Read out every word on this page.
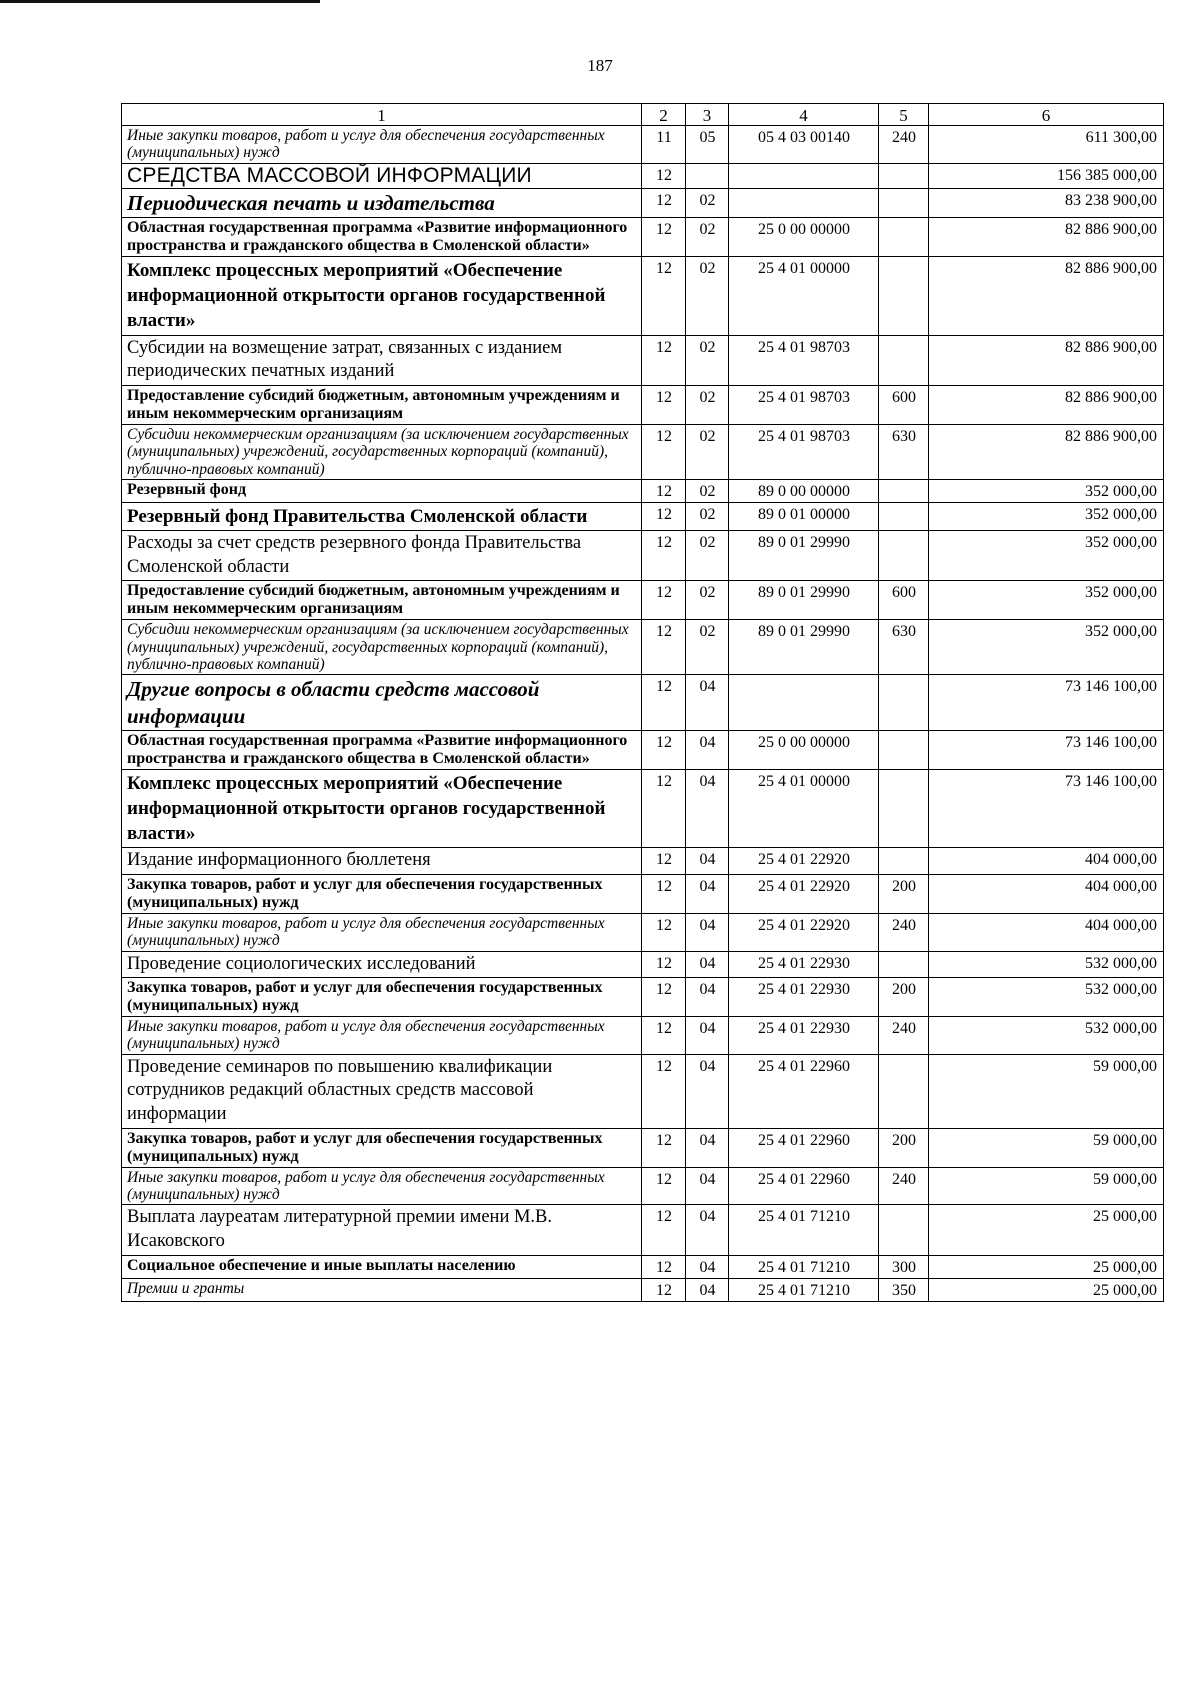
187
1	2	3	4	5	6
Иные закупки товаров, работ и услуг для обеспечения государственных (муниципальных) нужд	11	05	05 4 03 00140	240	611 300,00
СРЕДСТВА МАССОВОЙ ИНФОРМАЦИИ	12				156 385 000,00
Периодическая печать и издательства	12	02			83 238 900,00
Областная государственная программа «Развитие информационного пространства и гражданского общества в Смоленской области»	12	02	25 0 00 00000		82 886 900,00
Комплекс процессных мероприятий «Обеспечение информационной открытости органов государственной власти»	12	02	25 4 01 00000		82 886 900,00
Субсидии на возмещение затрат, связанных с изданием периодических печатных изданий	12	02	25 4 01 98703		82 886 900,00
Предоставление субсидий бюджетным, автономным учреждениям и иным некоммерческим организациям	12	02	25 4 01 98703	600	82 886 900,00
Субсидии некоммерческим организациям (за исключением государственных (муниципальных) учреждений, государственных корпораций (компаний), публично-правовых компаний)	12	02	25 4 01 98703	630	82 886 900,00
Резервный фонд	12	02	89 0 00 00000		352 000,00
Резервный фонд Правительства Смоленской области	12	02	89 0 01 00000		352 000,00
Расходы за счет средств резервного фонда Правительства Смоленской области	12	02	89 0 01 29990		352 000,00
Предоставление субсидий бюджетным, автономным учреждениям и иным некоммерческим организациям	12	02	89 0 01 29990	600	352 000,00
Субсидии некоммерческим организациям (за исключением государственных (муниципальных) учреждений, государственных корпораций (компаний), публично-правовых компаний)	12	02	89 0 01 29990	630	352 000,00
Другие вопросы в области средств массовой информации	12	04			73 146 100,00
Областная государственная программа «Развитие информационного пространства и гражданского общества в Смоленской области»	12	04	25 0 00 00000		73 146 100,00
Комплекс процессных мероприятий «Обеспечение информационной открытости органов государственной власти»	12	04	25 4 01 00000		73 146 100,00
Издание информационного бюллетеня	12	04	25 4 01 22920		404 000,00
Закупка товаров, работ и услуг для обеспечения государственных (муниципальных) нужд	12	04	25 4 01 22920	200	404 000,00
Иные закупки товаров, работ и услуг для обеспечения государственных (муниципальных) нужд	12	04	25 4 01 22920	240	404 000,00
Проведение социологических исследований	12	04	25 4 01 22930		532 000,00
Закупка товаров, работ и услуг для обеспечения государственных (муниципальных) нужд	12	04	25 4 01 22930	200	532 000,00
Иные закупки товаров, работ и услуг для обеспечения государственных (муниципальных) нужд	12	04	25 4 01 22930	240	532 000,00
Проведение семинаров по повышению квалификации сотрудников редакций областных средств массовой информации	12	04	25 4 01 22960		59 000,00
Закупка товаров, работ и услуг для обеспечения государственных (муниципальных) нужд	12	04	25 4 01 22960	200	59 000,00
Иные закупки товаров, работ и услуг для обеспечения государственных (муниципальных) нужд	12	04	25 4 01 22960	240	59 000,00
Выплата лауреатам литературной премии имени М.В. Исаковского	12	04	25 4 01 71210		25 000,00
Социальное обеспечение и иные выплаты населению	12	04	25 4 01 71210	300	25 000,00
Премии и гранты	12	04	25 4 01 71210	350	25 000,00
